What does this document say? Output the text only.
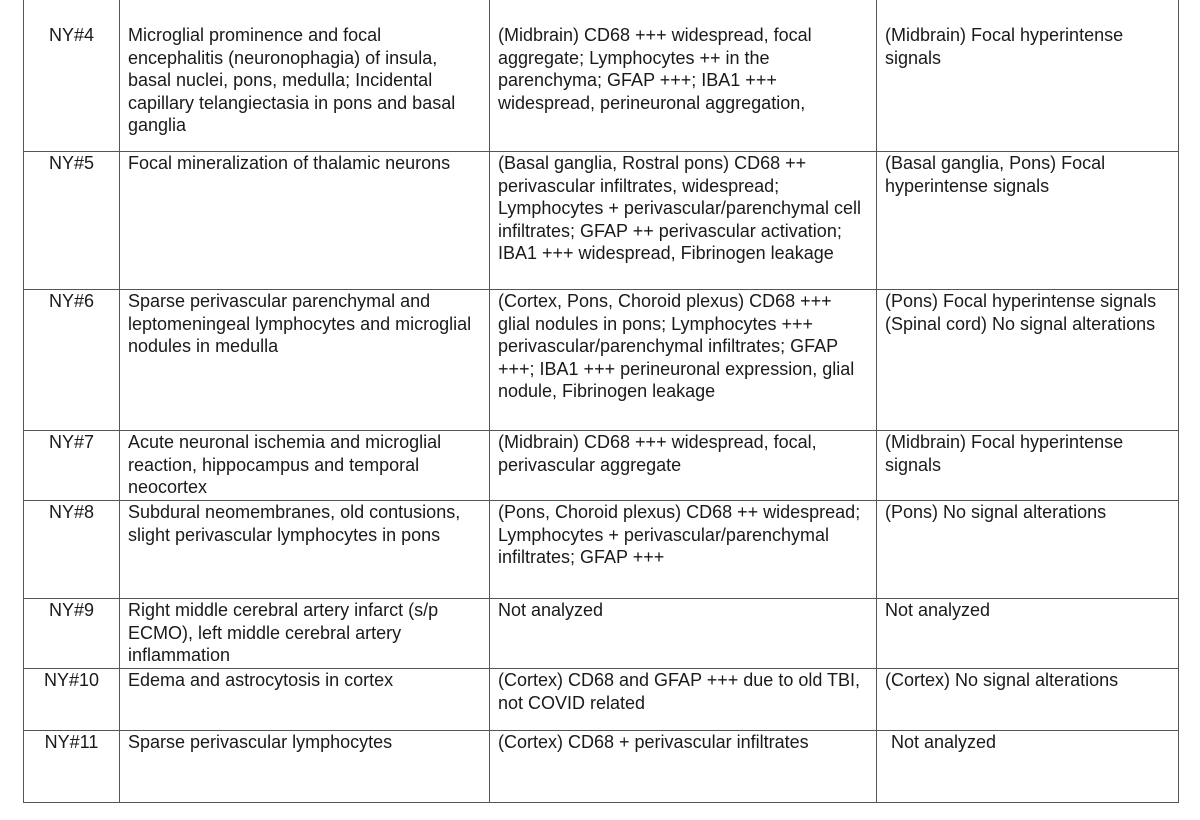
NY#4	Microglial prominence and focal encephalitis (neuronophagia) of insula, basal nuclei, pons, medulla; Incidental capillary telangiectasia in pons and basal ganglia	(Midbrain) CD68 +++ widespread, focal aggregate; Lymphocytes ++ in the parenchyma; GFAP +++; IBA1 +++ widespread, perineuronal aggregation,	(Midbrain) Focal hyperintense signals

NY#5	Focal mineralization of thalamic neurons	(Basal ganglia, Rostral pons) CD68 ++ perivascular infiltrates, widespread; Lymphocytes + perivascular/parenchymal cell infiltrates; GFAP ++ perivascular activation; IBA1 +++ widespread, Fibrinogen leakage	(Basal ganglia, Pons) Focal hyperintense signals

NY#6	Sparse perivascular parenchymal and leptomeningeal lymphocytes and microglial nodules in medulla	(Cortex, Pons, Choroid plexus) CD68 +++ glial nodules in pons; Lymphocytes +++ perivascular/parenchymal infiltrates; GFAP +++; IBA1 +++ perineuronal expression, glial nodule, Fibrinogen leakage	(Pons) Focal hyperintense signals (Spinal cord) No signal alterations

NY#7	Acute neuronal ischemia and microglial reaction, hippocampus and temporal neocortex	(Midbrain) CD68 +++ widespread, focal, perivascular aggregate	(Midbrain) Focal hyperintense signals

NY#8	Subdural neomembranes, old contusions, slight perivascular lymphocytes in pons	(Pons, Choroid plexus) CD68 ++ widespread; Lymphocytes + perivascular/parenchymal infiltrates; GFAP +++	(Pons) No signal alterations

NY#9	Right middle cerebral artery infarct (s/p ECMO), left middle cerebral artery inflammation	Not analyzed	Not analyzed

NY#10	Edema and astrocytosis in cortex	(Cortex) CD68 and GFAP +++ due to old TBI, not COVID related	(Cortex) No signal alterations

NY#11	Sparse perivascular lymphocytes	(Cortex) CD68 + perivascular infiltrates	Not analyzed
